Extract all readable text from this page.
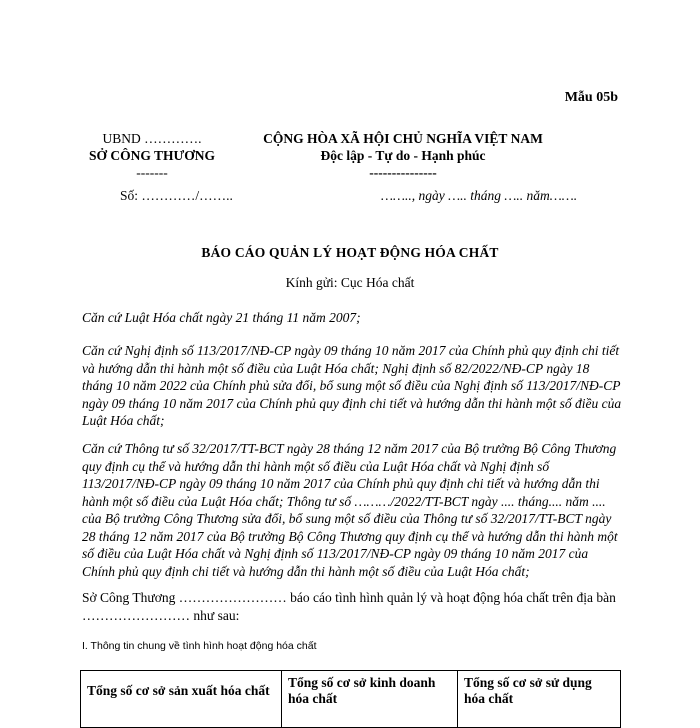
Mẫu 05b
UBND ………….
SỞ CÔNG THƯƠNG
-------
CỘNG HÒA XÃ HỘI CHỦ NGHĨA VIỆT NAM
Độc lập - Tự do - Hạnh phúc
---------------
Số: …………/……..	…….., ngày ….. tháng ….. năm…….
BÁO CÁO QUẢN LÝ HOẠT ĐỘNG HÓA CHẤT
Kính gửi: Cục Hóa chất
Căn cứ Luật Hóa chất ngày 21 tháng 11 năm 2007;
Căn cứ Nghị định số 113/2017/NĐ-CP ngày 09 tháng 10 năm 2017 của Chính phủ quy định chi tiết và hướng dẫn thi hành một số điều của Luật Hóa chất; Nghị định số 82/2022/NĐ-CP ngày 18 tháng 10 năm 2022 của Chính phủ sửa đổi, bổ sung một số điều của Nghị định số 113/2017/NĐ-CP ngày 09 tháng 10 năm 2017 của Chính phủ quy định chi tiết và hướng dẫn thi hành một số điều của Luật Hóa chất;
Căn cứ Thông tư số 32/2017/TT-BCT ngày 28 tháng 12 năm 2017 của Bộ trưởng Bộ Công Thương quy định cụ thể và hướng dẫn thi hành một số điều của Luật Hóa chất và Nghị định số 113/2017/NĐ-CP ngày 09 tháng 10 năm 2017 của Chính phủ quy định chi tiết và hướng dẫn thi hành một số điều của Luật Hóa chất; Thông tư số ………/2022/TT-BCT ngày .... tháng.... năm .... của Bộ trưởng Công Thương sửa đổi, bổ sung một số điều của Thông tư số 32/2017/TT-BCT ngày 28 tháng 12 năm 2017 của Bộ trưởng Bộ Công Thương quy định cụ thể và hướng dẫn thi hành một số điều của Luật Hóa chất và Nghị định số 113/2017/NĐ-CP ngày 09 tháng 10 năm 2017 của Chính phủ quy định chi tiết và hướng dẫn thi hành một số điều của Luật Hóa chất;
Sở Công Thương …………………… báo cáo tình hình quản lý và hoạt động hóa chất trên địa bàn …………………… như sau:
I. Thông tin chung về tình hình hoạt động hóa chất
Tổng số cơ sở sản xuất hóa chất	Tổng số cơ sở kinh doanh hóa chất	Tổng số cơ sở sử dụng hóa chất
